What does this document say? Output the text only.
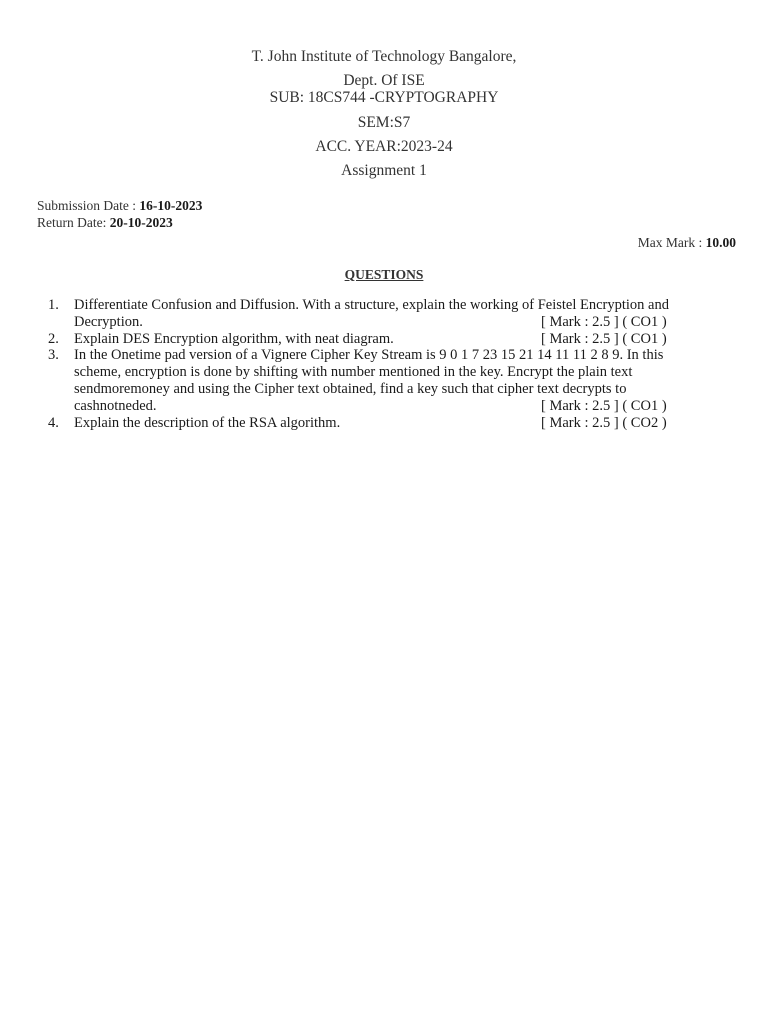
T. John Institute of Technology Bangalore,
Dept. Of ISE
SUB: 18CS744 -CRYPTOGRAPHY
SEM:S7
ACC. YEAR:2023-24
Assignment 1
Submission Date : 16-10-2023
Return Date: 20-10-2023
Max Mark : 10.00
QUESTIONS
1.	Differentiate Confusion and Diffusion. With a structure, explain the working of Feistel Encryption and
Decryption.	[ Mark : 2.5 ] ( CO1 )
2.	Explain DES Encryption algorithm, with neat diagram.	[ Mark : 2.5 ] ( CO1 )
3.	In the Onetime pad version of a Vignere Cipher Key Stream is 9 0 1 7 23 15 21 14 11 11 2 8 9. In this
scheme, encryption is done by shifting with number mentioned in the key. Encrypt the plain text
sendmoremoney and using the Cipher text obtained, find a key such that cipher text decrypts to
cashnotneded.	[ Mark : 2.5 ] ( CO1 )
4.	Explain the description of the RSA algorithm.	[ Mark : 2.5 ] ( CO2 )
